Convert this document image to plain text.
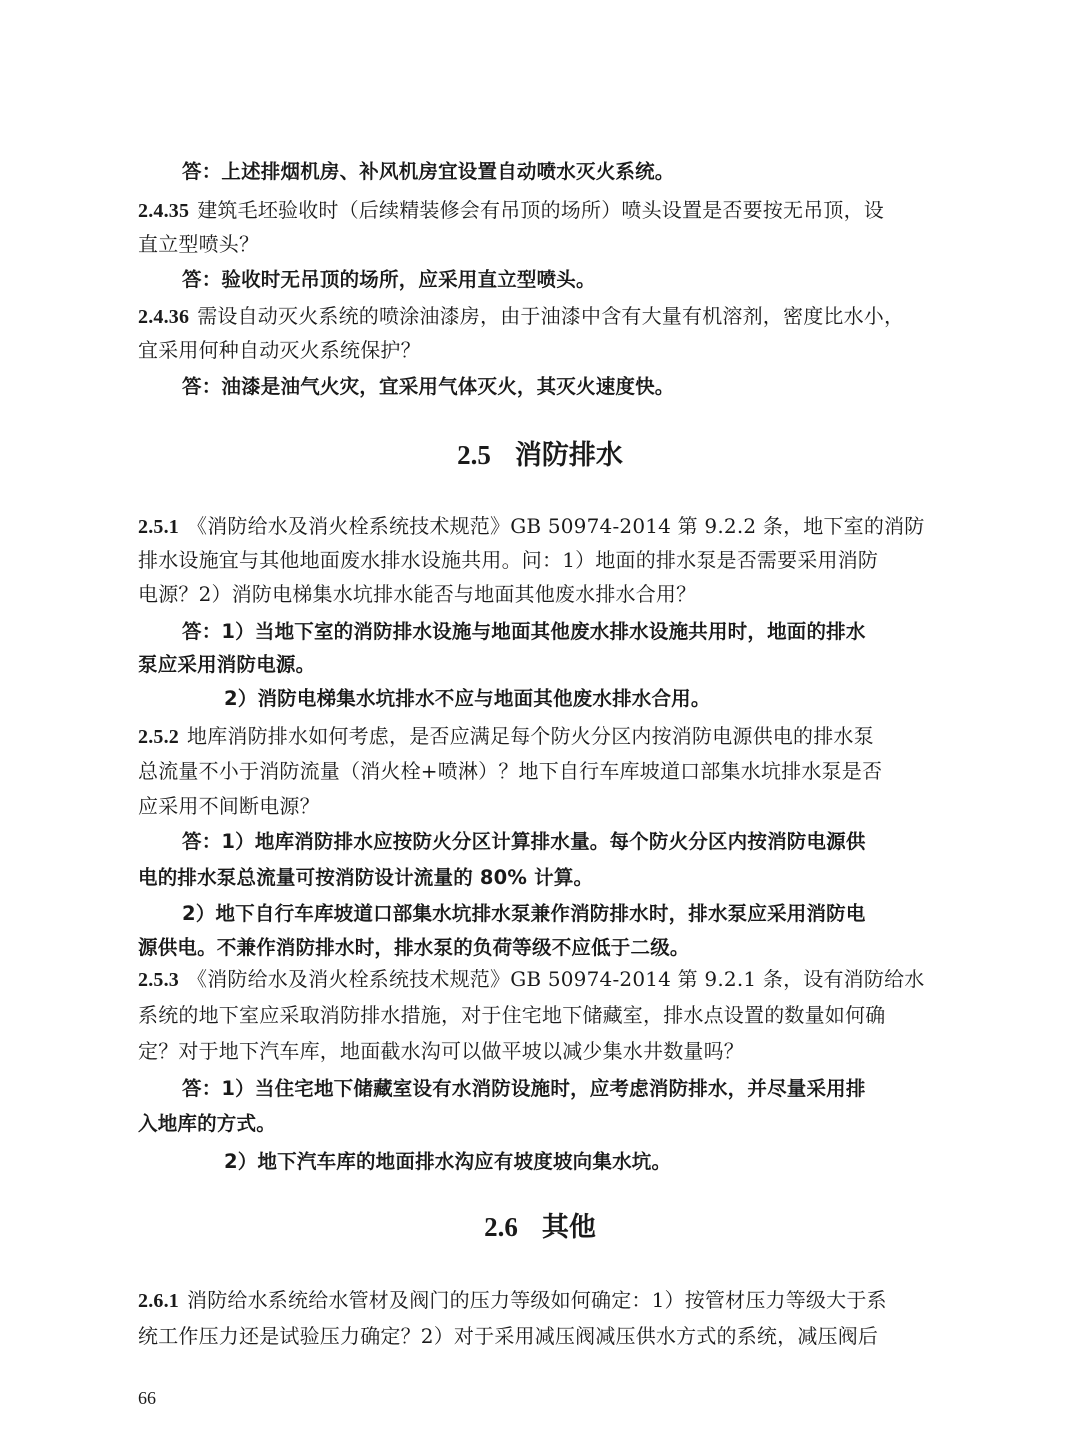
答：上述排烟机房、补风机房宜设置自动喷水灭火系统。
2.4.35 建筑毛坯验收时（后续精装修会有吊顶的场所）喷头设置是否要按无吊顶，设
直立型喷头？
答：验收时无吊顶的场所，应采用直立型喷头。
2.4.36 需设自动灭火系统的喷涂油漆房，由于油漆中含有大量有机溶剂，密度比水小，
宜采用何种自动灭火系统保护？
答：油漆是油气火灾，宜采用气体灭火，其灭火速度快。
2.5 消防排水
2.5.1 《消防给水及消火栓系统技术规范》GB 50974-2014 第 9.2.2 条，地下室的消防
排水设施宜与其他地面废水排水设施共用。问：1）地面的排水泵是否需要采用消防
电源？2）消防电梯集水坑排水能否与地面其他废水排水合用？
答：1）当地下室的消防排水设施与地面其他废水排水设施共用时，地面的排水
泵应采用消防电源。
2）消防电梯集水坑排水不应与地面其他废水排水合用。
2.5.2 地库消防排水如何考虑，是否应满足每个防火分区内按消防电源供电的排水泵
总流量不小于消防流量（消火栓+喷淋）？地下自行车库坡道口部集水坑排水泵是否
应采用不间断电源？
答：1）地库消防排水应按防火分区计算排水量。每个防火分区内按消防电源供
电的排水泵总流量可按消防设计流量的 80% 计算。
2）地下自行车库坡道口部集水坑排水泵兼作消防排水时，排水泵应采用消防电
源供电。不兼作消防排水时，排水泵的负荷等级不应低于二级。
2.5.3 《消防给水及消火栓系统技术规范》GB 50974-2014 第 9.2.1 条，设有消防给水
系统的地下室应采取消防排水措施，对于住宅地下储藏室，排水点设置的数量如何确
定？对于地下汽车库，地面截水沟可以做平坡以减少集水井数量吗？
答：1）当住宅地下储藏室设有水消防设施时，应考虑消防排水，并尽量采用排
入地库的方式。
2）地下汽车库的地面排水沟应有坡度坡向集水坑。
2.6 其他
2.6.1 消防给水系统给水管材及阀门的压力等级如何确定：1）按管材压力等级大于系
统工作压力还是试验压力确定？2）对于采用减压阀减压供水方式的系统，减压阀后
66
